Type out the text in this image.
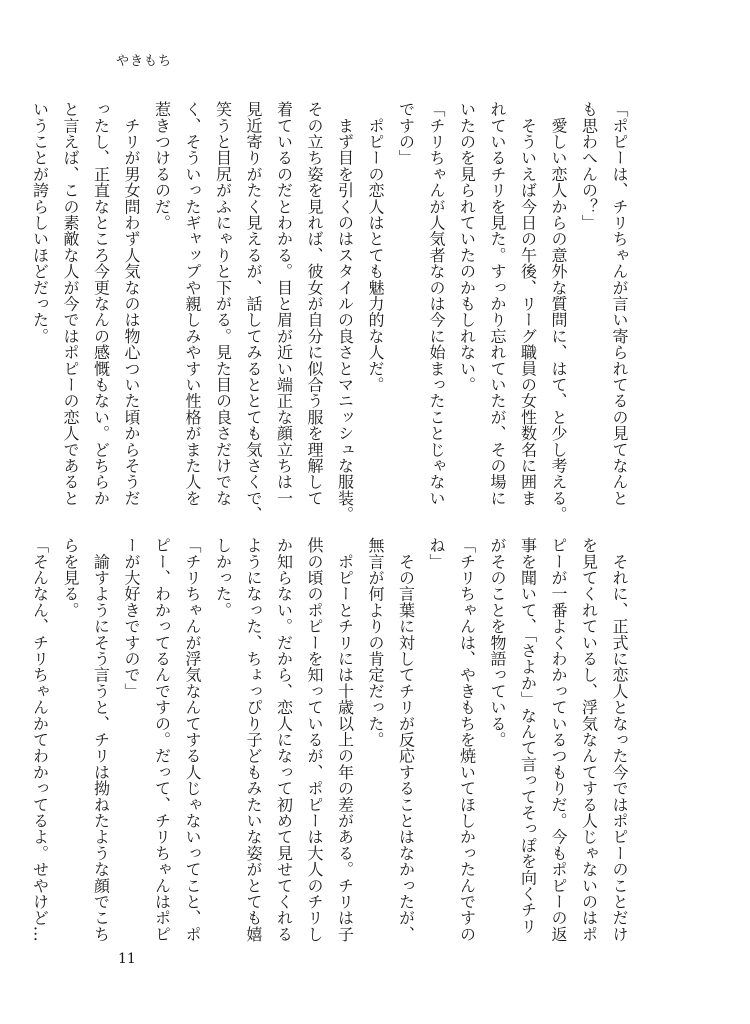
やきもち

「ポピーは、チリちゃんが言い寄られてるの見てなんと

も思わへんの？」

　愛しい恋人からの意外な質問に、はて、と少し考える。

　そういえば今日の午後、リーグ職員の女性数名に囲ま

れているチリを見た。すっかり忘れていたが、その場に

いたのを見られていたのかもしれない。

「チリちゃんが人気者なのは今に始まったことじゃない

ですの」

　ポピーの恋人はとても魅力的な人だ。

　まず目を引くのはスタイルの良さとマニッシュな服装。

その立ち姿を見れば、彼女が自分に似合う服を理解して

着ているのだとわかる。目と眉が近い端正な顔立ちは一

見近寄りがたく見えるが、話してみるととても気さくで、

笑うと目尻がふにゃりと下がる。見た目の良さだけでな

く、そういったギャップや親しみやすい性格がまた人を

惹きつけるのだ。

　チリが男女問わず人気なのは物心ついた頃からそうだ

ったし、正直なところ今更なんの感慨もない。どちらか

と言えば、この素敵な人が今ではポピーの恋人であると

いうことが誇らしいほどだった。

　それに、正式に恋人となった今ではポピーのことだけ

を見てくれているし、浮気なんてする人じゃないのはポ

ピーが一番よくわかっているつもりだ。今もポピーの返

事を聞いて、「さよか」なんて言ってそっぽを向くチリ

がそのことを物語っている。

「チリちゃんは、やきもちを焼いてほしかったんですの

ね」

　その言葉に対してチリが反応することはなかったが、

無言が何よりの肯定だった。

　ポピーとチリには十歳以上の年の差がある。チリは子

供の頃のポピーを知っているが、ポピーは大人のチリし

か知らない。だから、恋人になって初めて見せてくれる

ようになった、ちょっぴり子どもみたいな姿がとても嬉

しかった。

「チリちゃんが浮気なんてする人じゃないってこと、ポ

ピー、わかってるんですの。だって、チリちゃんはポピ

ーが大好きですので」

　諭すようにそう言うと、チリは拗ねたような顔でこち

らを見る。

「そんなん、チリちゃんかてわかってるよ。せやけど…

11
